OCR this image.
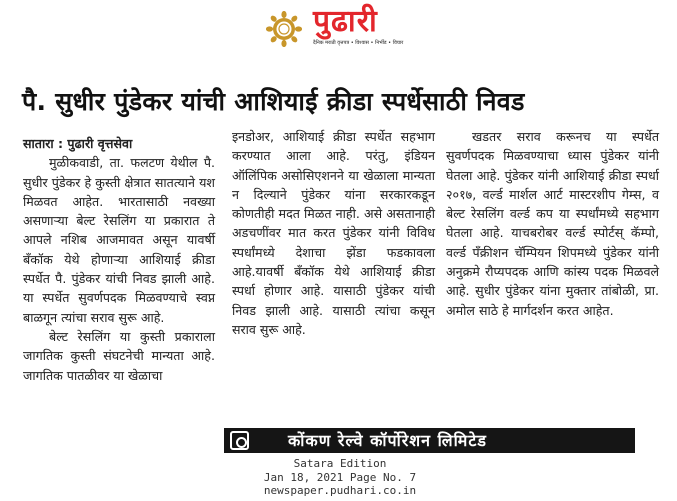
पुढारी
दैनिक मराठी वृत्तपत्र • विश्वास • निर्भीड • विचार
पै. सुधीर पुंडेकर यांची आशियाई क्रीडा स्पर्धेसाठी निवड

सातारा : पुढारी वृत्तसेवा

मुळीकवाडी, ता. फलटण येथील पै. सुधीर पुंडेकर हे कुस्ती क्षेत्रात सातत्याने यश मिळवत आहेत. भारतासाठी नवख्या असणाऱ्या बेल्ट रेसलिंग या प्रकारात ते आपले नशिब आजमावत असून यावर्षी बँकॉक येथे होणाऱ्या आशियाई क्रीडा स्पर्धेत पै. पुंडेकर यांची निवड झाली आहे. या स्पर्धेत सुवर्णपदक मिळवण्याचे स्वप्न बाळगून त्यांचा सराव सुरू आहे.

बेल्ट रेसलिंग या कुस्ती प्रकाराला जागतिक कुस्ती संघटनेची मान्यता आहे. जागतिक पातळीवर या खेळाचा

इनडोअर, आशियाई क्रीडा स्पर्धेत सहभाग करण्यात आला आहे. परंतु, इंडियन ऑलिंपिक असोसिएशनने या खेळाला मान्यता न दिल्याने पुंडेकर यांना सरकारकडून कोणतीही मदत मिळत नाही. असे असतानाही अडचणींवर मात करत पुंडेकर यांनी विविध स्पर्धांमध्ये देशाचा झेंडा फडकावला आहे.यावर्षी बँकॉक येथे आशियाई क्रीडा स्पर्धा होणार आहे. यासाठी पुंडेकर यांची निवड झाली आहे. यासाठी त्यांचा कसून सराव सुरू आहे.

खडतर सराव करूनच या स्पर्धेत सुवर्णपदक मिळवण्याचा ध्यास पुंडेकर यांनी घेतला आहे. पुंडेकर यांनी आशियाई क्रीडा स्पर्धा २०१७, वर्ल्ड मार्शल आर्ट मास्टरशीप गेम्स, व बेल्ट रेसलिंग वर्ल्ड कप या स्पर्धांमध्ये सहभाग घेतला आहे. याचबरोबर वर्ल्ड स्पोर्टस् कॅम्पो, वर्ल्ड पॅंक्रीशन चॅम्पियन शिपमध्ये पुंडेकर यांनी अनुक्रमे रौप्यपदक आणि कांस्य पदक मिळवले आहे. सुधीर पुंडेकर यांना मुक्तार तांबोळी, प्रा. अमोल साठे हे मार्गदर्शन करत आहेत.

कोंकण रेल्वे कॉर्पोरेशन लिमिटेड
Satara Edition
Jan 18, 2021 Page No. 7
newspaper.pudhari.co.in
